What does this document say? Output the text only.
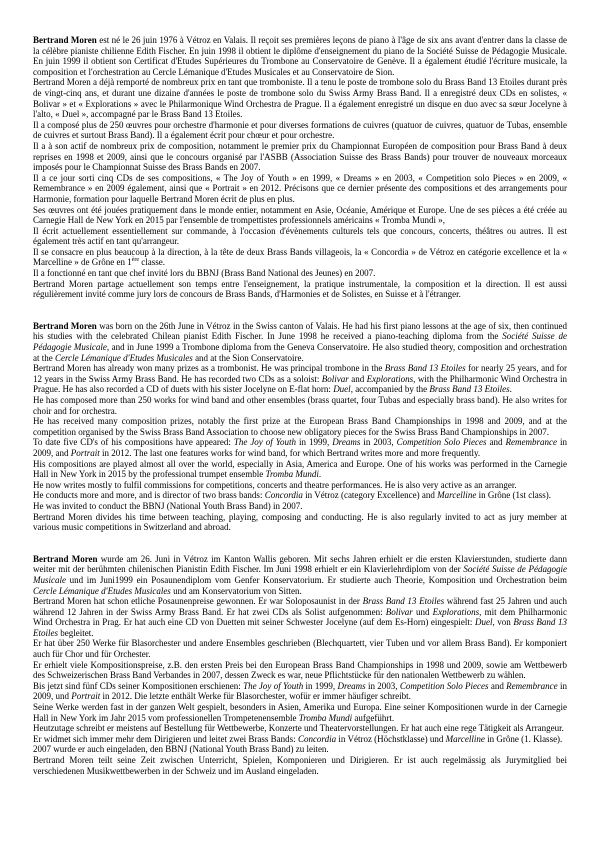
Bertrand Moren est né le 26 juin 1976 à Vétroz en Valais. Il reçoit ses premières leçons de piano à l'âge de six ans avant d'entrer dans la classe de la célèbre pianiste chilienne Edith Fischer. En juin 1998 il obtient le diplôme d'enseignement du piano de la Société Suisse de Pédagogie Musicale. En juin 1999 il obtient son Certificat d'Etudes Supérieures du Trombone au Conservatoire de Genève. Il a également étudié l'écriture musicale, la composition et l'orchestration au Cercle Lémanique d'Etudes Musicales et au Conservatoire de Sion.

Bertrand Moren a déjà remporté de nombreux prix en tant que tromboniste. Il a tenu le poste de trombone solo du Brass Band 13 Etoiles durant près de vingt-cinq ans, et durant une dizaine d'années le poste de trombone solo du Swiss Army Brass Band. Il a enregistré deux CDs en solistes, « Bolivar » et « Explorations » avec le Philarmonique Wind Orchestra de Prague. Il a également enregistré un disque en duo avec sa sœur Jocelyne à l'alto, « Duel », accompagné par le Brass Band 13 Etoiles.

Il a composé plus de 250 œuvres pour orchestre d'harmonie et pour diverses formations de cuivres (quatuor de cuivres, quatuor de Tubas, ensemble de cuivres et surtout Brass Band). Il a également écrit pour chœur et pour orchestre.

Il a à son actif de nombreux prix de composition, notamment le premier prix du Championnat Européen de composition pour Brass Band à deux reprises en 1998 et 2009, ainsi que le concours organisé par l'ASBB (Association Suisse des Brass Bands) pour trouver de nouveaux morceaux imposés pour le Championnat Suisse des Brass Bands en 2007.

Il a ce jour sorti cinq CDs de ses compositions, « The Joy of Youth » en 1999, « Dreams » en 2003, « Competition solo Pieces » en 2009, « Remembrance » en 2009 également, ainsi que « Portrait » en 2012. Précisons que ce dernier présente des compositions et des arrangements pour Harmonie, formation pour laquelle Bertrand Moren écrit de plus en plus.

Ses œuvres ont été jouées pratiquement dans le monde entier, notamment en Asie, Océanie, Amérique et Europe. Une de ses pièces a été créée au Carnegie Hall de New York en 2015 par l'ensemble de trompettistes professionnels américains « Tromba Mundi »,

Il écrit actuellement essentiellement sur commande, à l'occasion d'évènements culturels tels que concours, concerts, théâtres ou autres. Il est également très actif en tant qu'arrangeur.

Il se consacre en plus beaucoup à la direction, à la tête de deux Brass Bands villageois, la « Concordia » de Vétroz en catégorie excellence et la « Marcelline » de Grône en 1ère classe.

Il a fonctionné en tant que chef invité lors du BBNJ (Brass Band National des Jeunes) en 2007.

Bertrand Moren partage actuellement son temps entre l'enseignement, la pratique instrumentale, la composition et la direction. Il est aussi régulièrement invité comme jury lors de concours de Brass Bands, d'Harmonies et de Solistes, en Suisse et à l'étranger.

Bertrand Moren was born on the 26th June in Vétroz in the Swiss canton of Valais. He had his first piano lessons at the age of six, then continued his studies with the celebrated Chilean pianist Edith Fischer. In June 1998 he received a piano-teaching diploma from the Société Suisse de Pédagogie Musicale, and in June 1999 a Trombone diploma from the Geneva Conservatoire. He also studied theory, composition and orchestration at the Cercle Lémanique d'Etudes Musicales and at the Sion Conservatoire.

Bertrand Moren has already won many prizes as a trombonist. He was principal trombone in the Brass Band 13 Etoiles for nearly 25 years, and for 12 years in the Swiss Army Brass Band. He has recorded two CDs as a soloist: Bolivar and Explorations, with the Philharmonic Wind Orchestra in Prague. He has also recorded a CD of duets with his sister Jocelyne on E-flat horn: Duel, accompanied by the Brass Band 13 Etoiles.

He has composed more than 250 works for wind band and other ensembles (brass quartet, four Tubas and especially brass band). He also writes for choir and for orchestra.

He has received many composition prizes, notably the first prize at the European Brass Band Championships in 1998 and 2009, and at the competition organised by the Swiss Brass Band Association to choose new obligatory pieces for the Swiss Brass Band Championships in 2007.

To date five CD's of his compositions have appeared: The Joy of Youth in 1999, Dreams in 2003, Competition Solo Pieces and Remembrance in 2009, and Portrait in 2012. The last one features works for wind band, for which Bertrand writes more and more frequently.

His compositions are played almost all over the world, especially in Asia, America and Europe. One of his works was performed in the Carnegie Hall in New York in 2015 by the professional trumpet ensemble Tromba Mundi.

He now writes mostly to fulfil commissions for competitions, concerts and theatre performances. He is also very active as an arranger.

He conducts more and more, and is director of two brass bands: Concordia in Vétroz (category Excellence) and Marcelline in Grône (1st class).

He was invited to conduct the BBNJ (National Youth Brass Band) in 2007.

Bertrand Moren divides his time between teaching, playing, composing and conducting. He is also regularly invited to act as jury member at various music competitions in Switzerland and abroad.

Bertrand Moren wurde am 26. Juni in Vétroz im Kanton Wallis geboren. Mit sechs Jahren erhielt er die ersten Klavierstunden, studierte dann weiter mit der berühmten chilenischen Pianistin Edith Fischer. Im Juni 1998 erhielt er ein Klavierlehrdiplom von der Société Suisse de Pédagogie Musicale und im Juni1999 ein Posaunendiplom vom Genfer Konservatorium. Er studierte auch Theorie, Komposition und Orchestration beim Cercle Lémanique d'Etudes Musicales und am Konservatorium von Sitten.

Bertrand Moren hat schon etliche Posaunenpreise gewonnen. Er war Soloposaunist in der Brass Band 13 Etoiles während fast 25 Jahren und auch während 12 Jahren in der Swiss Army Brass Band. Er hat zwei CDs als Solist aufgenommen: Bolivar und Explorations, mit dem Philharmonic Wind Orchestra in Prag. Er hat auch eine CD von Duetten mit seiner Schwester Jocelyne (auf dem Es-Horn) eingespielt: Duel, von Brass Band 13 Etoiles begleitet.

Er hat über 250 Werke für Blasorchester und andere Ensembles geschrieben (Blechquartett, vier Tuben und vor allem Brass Band). Er komponiert auch für Chor und für Orchester.

Er erhielt viele Kompositionspreise, z.B. den ersten Preis bei den European Brass Band Championships in 1998 und 2009, sowie am Wettbewerb des Schweizerischen Brass Band Verbandes in 2007, dessen Zweck es war, neue Pflichtstücke für den nationalen Wettbewerb zu wählen.

Bis jetzt sind fünf CDs seiner Kompositionen erschienen: The Joy of Youth in 1999, Dreams in 2003, Competition Solo Pieces and Remembrance in 2009, und Portrait in 2012. Die letzte enthält Werke für Blasorchester, wofür er immer häufiger schreibt.

Seine Werke werden fast in der ganzen Welt gespielt, besonders in Asien, Amerika und Europa. Eine seiner Kompositionen wurde in der Carnegie Hall in New York im Jahr 2015 vom professionellen Trompetenensemble Tromba Mundi aufgeführt.

Heutzutage schreibt er meistens auf Bestellung für Wettbewerbe, Konzerte und Theatervorstellungen. Er hat auch eine rege Tätigkeit als Arrangeur.

Er widmet sich immer mehr dem Dirigieren und leitet zwei Brass Bands: Concordia in Vétroz (Höchstklasse) und Marcelline in Grône (1. Klasse).

2007 wurde er auch eingeladen, den BBNJ (National Youth Brass Band) zu leiten.

Bertrand Moren teilt seine Zeit zwischen Unterricht, Spielen, Komponieren und Dirigieren. Er ist auch regelmässig als Jurymitglied bei verschiedenen Musikwettbewerben in der Schweiz und im Ausland eingeladen.
